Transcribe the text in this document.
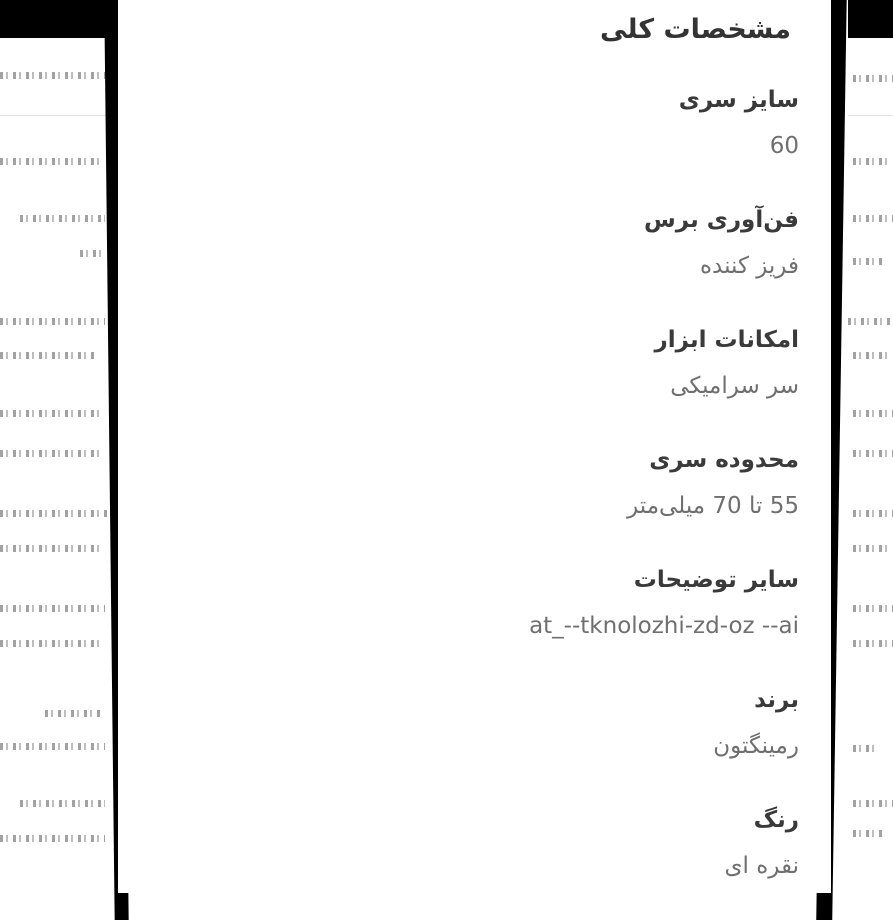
مشخصات کلی
سایز سری
60
فن‌آوری برس
فریز کننده
امکانات ابزار
سر سرامیکی
محدوده سری
55 تا 70 میلی‌متر
سایر توضیحات
at_--tknolozhi-zd-oz --ai
برند
رمینگتون
رنگ
نقره ای
